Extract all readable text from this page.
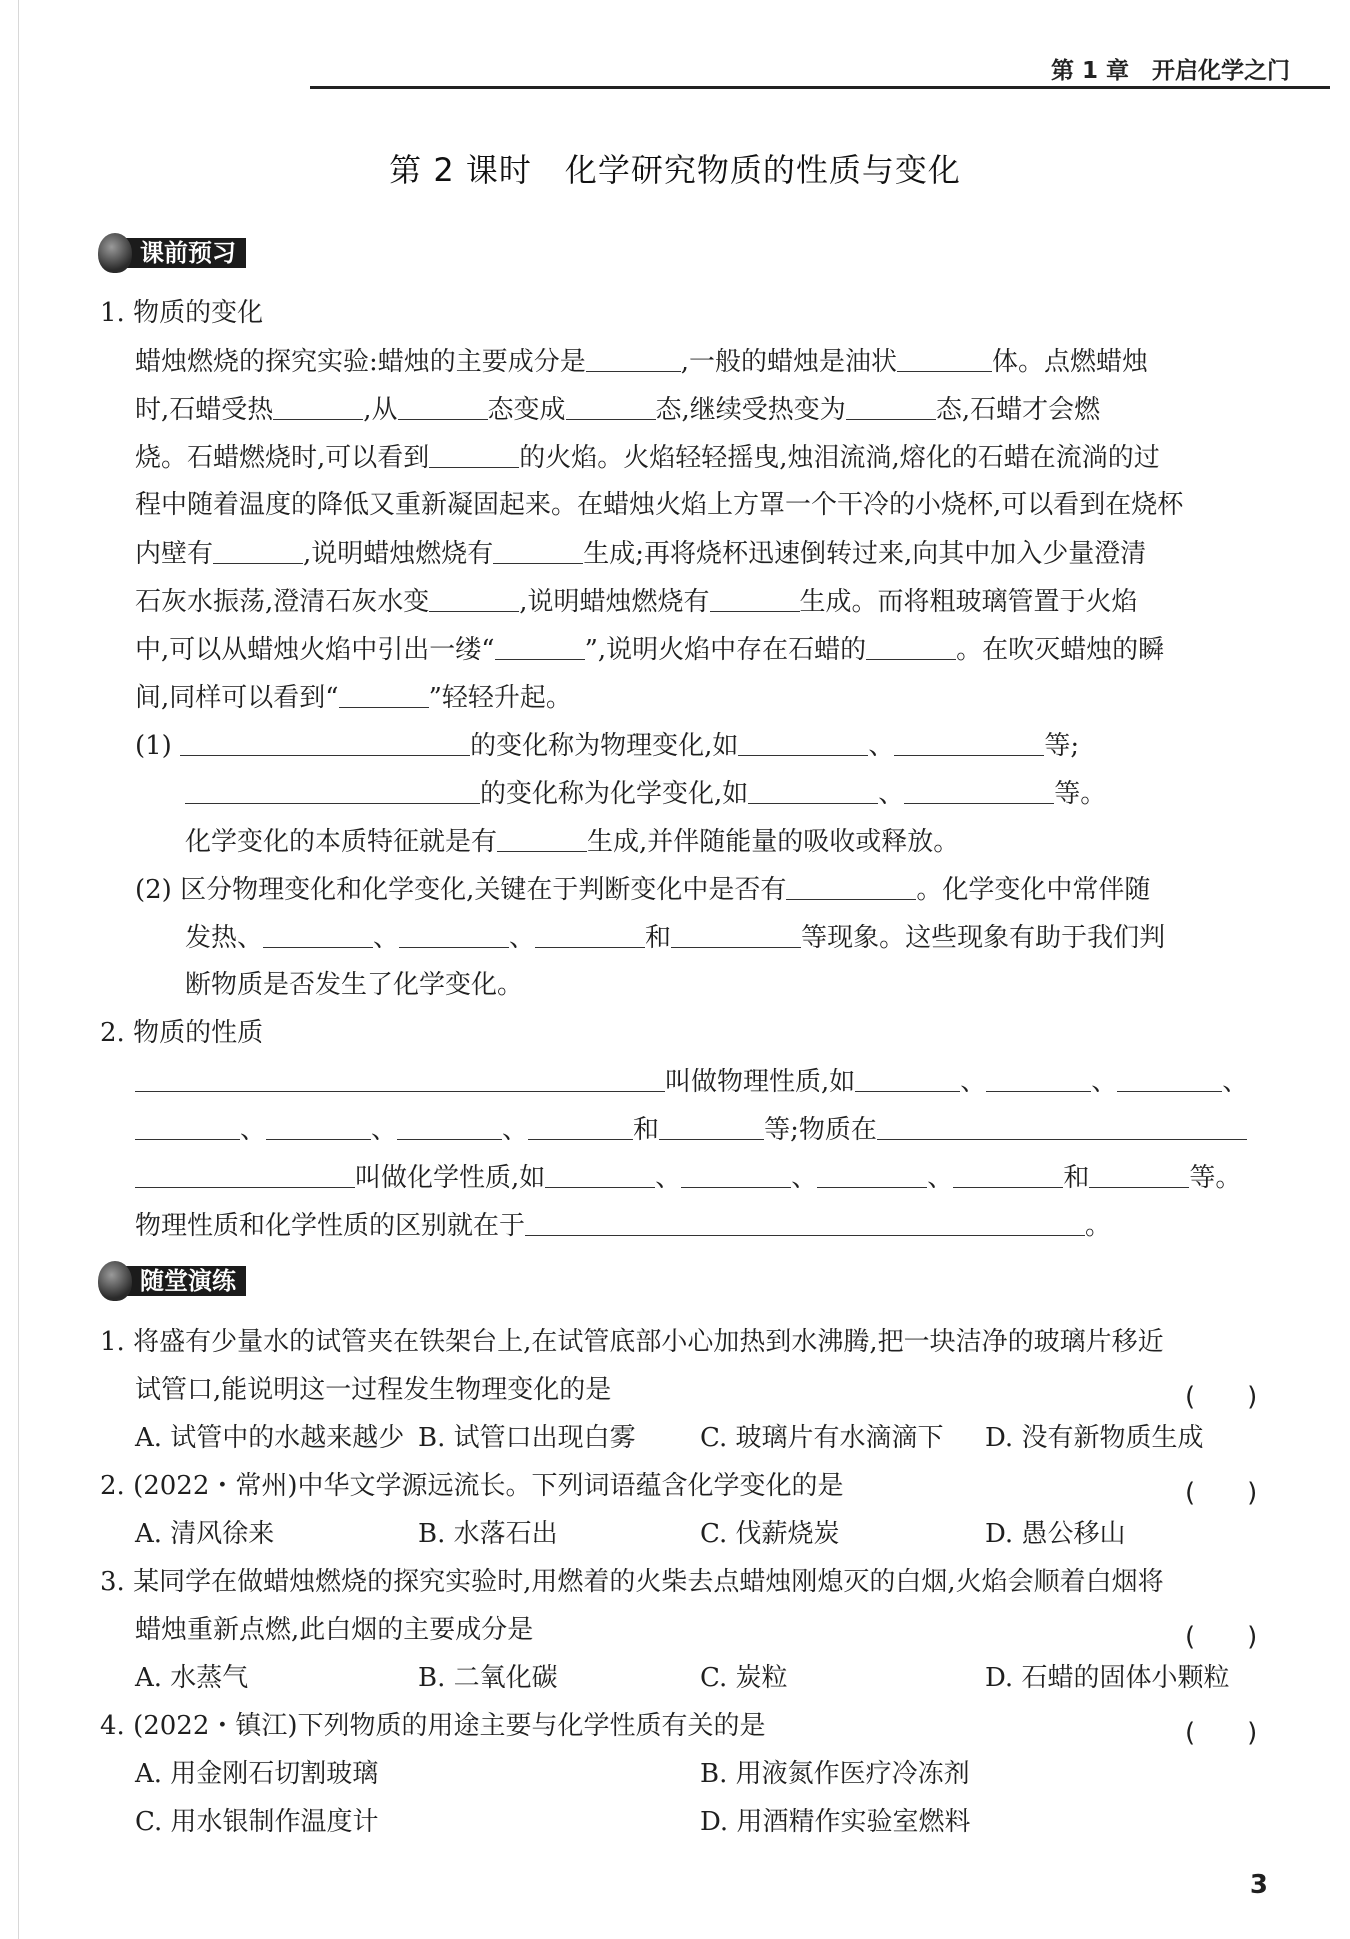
第 1 章　开启化学之门
第 2 课时　化学研究物质的性质与变化
课前预习
1. 物质的变化
蜡烛燃烧的探究实验:蜡烛的主要成分是	,一般的蜡烛是油状	体。点燃蜡烛
时,石蜡受热	,从	态变成	态,继续受热变为	态,石蜡才会燃
烧。石蜡燃烧时,可以看到	的火焰。火焰轻轻摇曳,烛泪流淌,熔化的石蜡在流淌的过
程中随着温度的降低又重新凝固起来。在蜡烛火焰上方罩一个干冷的小烧杯,可以看到在烧杯
内壁有	,说明蜡烛燃烧有	生成;再将烧杯迅速倒转过来,向其中加入少量澄清
石灰水振荡,澄清石灰水变	,说明蜡烛燃烧有	生成。而将粗玻璃管置于火焰
中,可以从蜡烛火焰中引出一缕“	”,说明火焰中存在石蜡的	。在吹灭蜡烛的瞬
间,同样可以看到“	”轻轻升起。
(1)	的变化称为物理变化,如	、	等;
的变化称为化学变化,如	、	等。
化学变化的本质特征就是有	生成,并伴随能量的吸收或释放。
(2) 区分物理变化和化学变化,关键在于判断变化中是否有	。化学变化中常伴随
发热、	、	、	和	等现象。这些现象有助于我们判
断物质是否发生了化学变化。
2. 物质的性质
叫做物理性质,如	、	、	、
、	、	、	和	等;物质在
叫做化学性质,如	、	、	、	和	等。
物理性质和化学性质的区别就在于	。
随堂演练
1. 将盛有少量水的试管夹在铁架台上,在试管底部小心加热到水沸腾,把一块洁净的玻璃片移近
试管口,能说明这一过程发生物理变化的是	(　　)
A. 试管中的水越来越少 B. 试管口出现白雾 C. 玻璃片有水滴滴下 D. 没有新物质生成
2. (2022・常州)中华文学源远流长。下列词语蕴含化学变化的是	(　　)
A. 清风徐来	B. 水落石出	C. 伐薪烧炭	D. 愚公移山
3. 某同学在做蜡烛燃烧的探究实验时,用燃着的火柴去点蜡烛刚熄灭的白烟,火焰会顺着白烟将
蜡烛重新点燃,此白烟的主要成分是	(　　)
A. 水蒸气	B. 二氧化碳	C. 炭粒	D. 石蜡的固体小颗粒
4. (2022・镇江)下列物质的用途主要与化学性质有关的是	(　　)
A. 用金刚石切割玻璃	B. 用液氮作医疗冷冻剂
C. 用水银制作温度计	D. 用酒精作实验室燃料
3
